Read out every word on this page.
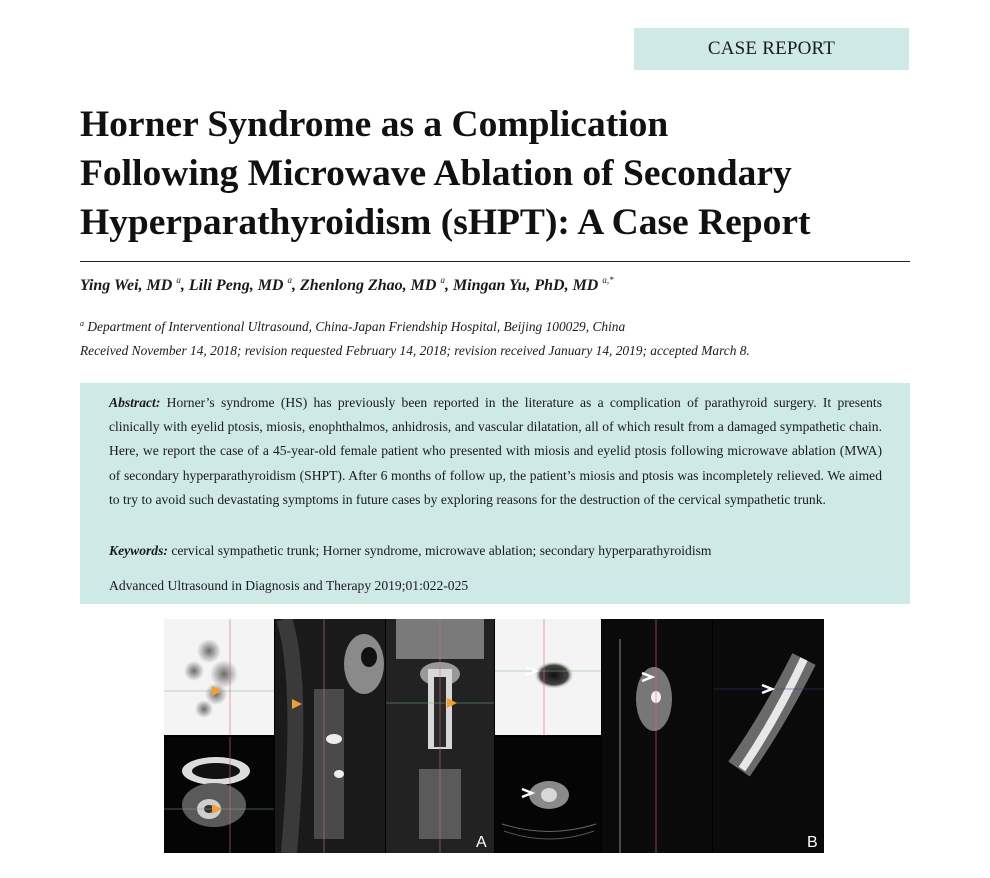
CASE REPORT
Horner Syndrome as a Complication
Following Microwave Ablation of Secondary
Hyperparathyroidism (sHPT): A Case Report
Ying Wei, MD $^a$, Lili Peng, MD $^a$, Zhenlong Zhao, MD $^a$, Mingan Yu, PhD, MD $^{a,*}$
$^a$ Department of Interventional Ultrasound, China-Japan Friendship Hospital, Beijing 100029, China
Received November 14, 2018; revision requested February 14, 2018; revision received January 14, 2019; accepted March 8.

Abstract: Horner’s syndrome (HS) has previously been reported in the literature as a complication of parathyroid surgery. It presents clinically with eyelid ptosis, miosis, enophthalmos, anhidrosis, and vascular dilatation, all of which result from a damaged sympathetic chain. Here, we report the case of a 45-year-old female patient who presented with miosis and eyelid ptosis following microwave ablation (MWA) of secondary hyperparathyroidism (SHPT). After 6 months of follow up, the patient’s miosis and ptosis was incompletely relieved. We aimed to try to avoid such devastating symptoms in future cases by exploring reasons for the destruction of the cervical sympathetic trunk.

Keywords: cervical sympathetic trunk; Horner syndrome, microwave ablation; secondary hyperparathyroidism
Advanced Ultrasound in Diagnosis and Therapy 2019;01:022-025
A	B
